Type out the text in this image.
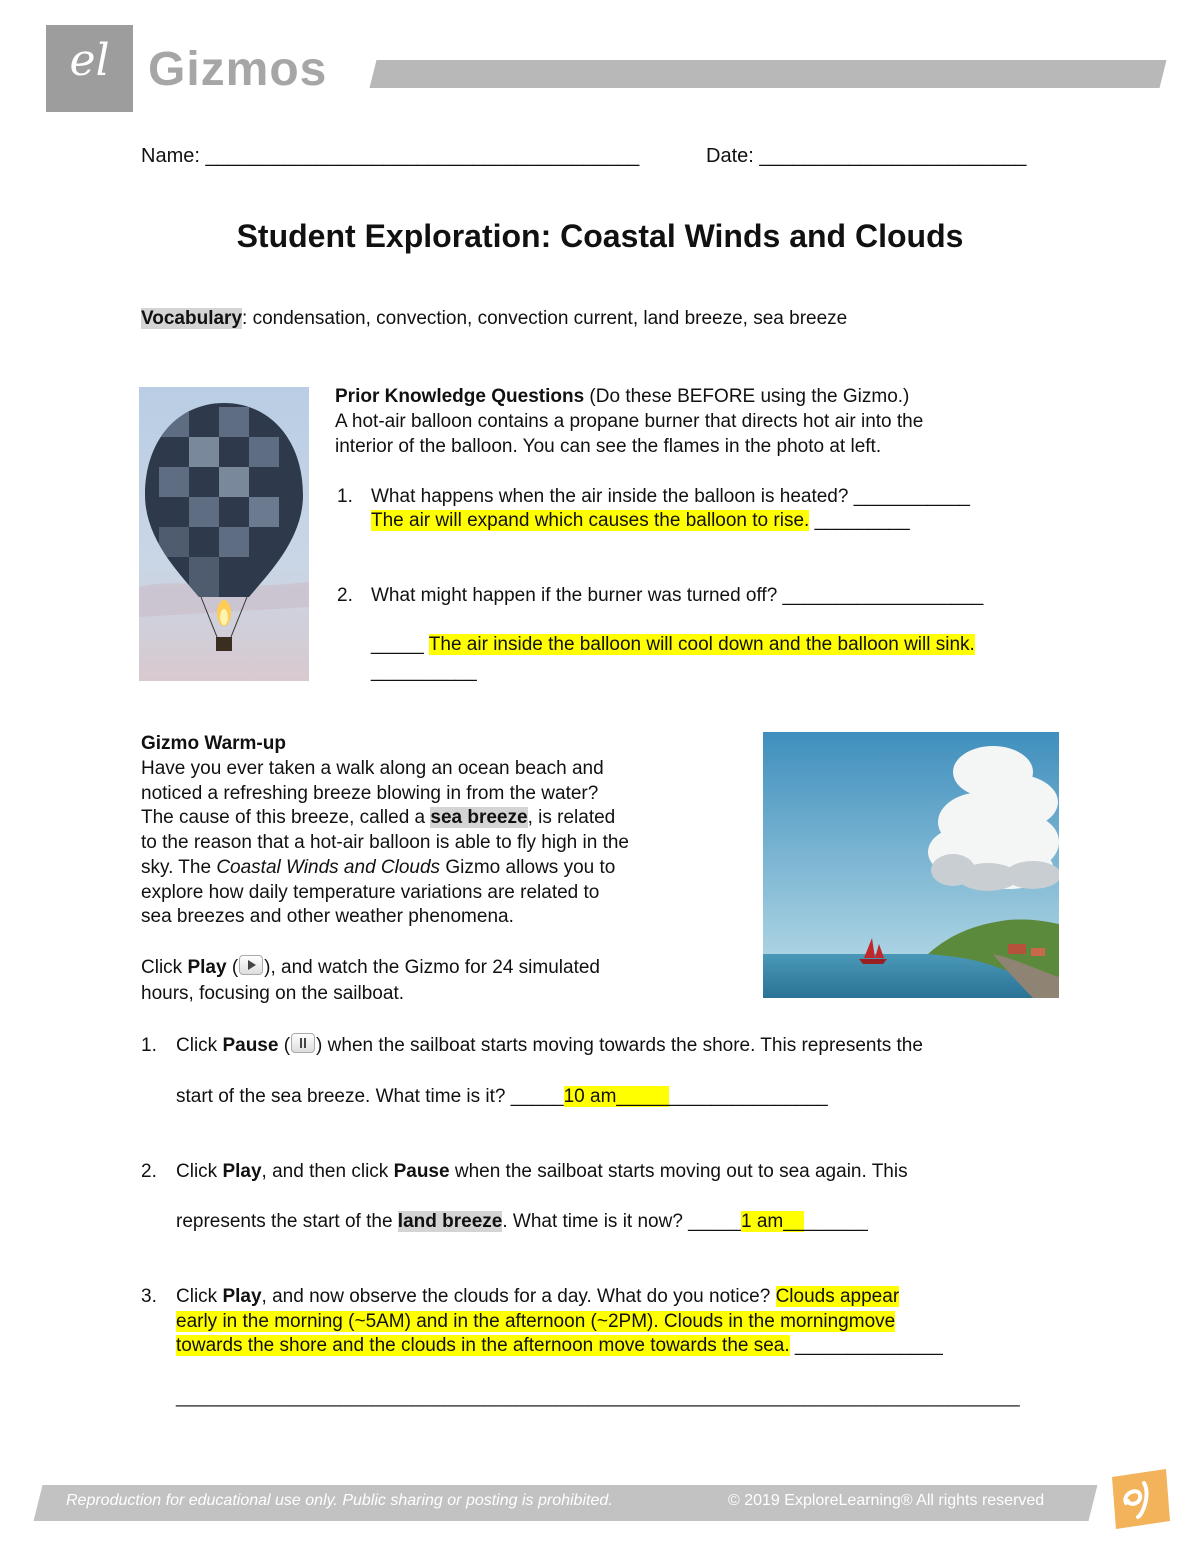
el Gizmos
Name: _______________________________________	Date: ________________________
Student Exploration: Coastal Winds and Clouds
Vocabulary: condensation, convection, convection current, land breeze, sea breeze
Prior Knowledge Questions (Do these BEFORE using the Gizmo.)
A hot-air balloon contains a propane burner that directs hot air into the
interior of the balloon. You can see the flames in the photo at left.
1. What happens when the air inside the balloon is heated? ___________
The air will expand which causes the balloon to rise. _________
2. What might happen if the burner was turned off? ___________________
_____ The air inside the balloon will cool down and the balloon will sink.
__________
Gizmo Warm-up
Have you ever taken a walk along an ocean beach and
noticed a refreshing breeze blowing in from the water?
The cause of this breeze, called a sea breeze, is related
to the reason that a hot-air balloon is able to fly high in the
sky. The Coastal Winds and Clouds Gizmo allows you to
explore how daily temperature variations are related to
sea breezes and other weather phenomena.
Click Play ( ), and watch the Gizmo for 24 simulated
hours, focusing on the sailboat.
1. Click Pause ( ) when the sailboat starts moving towards the shore. This represents the
start of the sea breeze. What time is it? _____10 am____________________
2. Click Play, and then click Pause when the sailboat starts moving out to sea again. This
represents the start of the land breeze. What time is it now? _____1 am________
3. Click Play, and now observe the clouds for a day. What do you notice? Clouds appear
early in the morning (~5AM) and in the afternoon (~2PM). Clouds in the morningmove
towards the shore and the clouds in the afternoon move towards the sea. ______________
__________________________________________________________________________________
Reproduction for educational use only. Public sharing or posting is prohibited.	© 2019 ExploreLearning® All rights reserved
